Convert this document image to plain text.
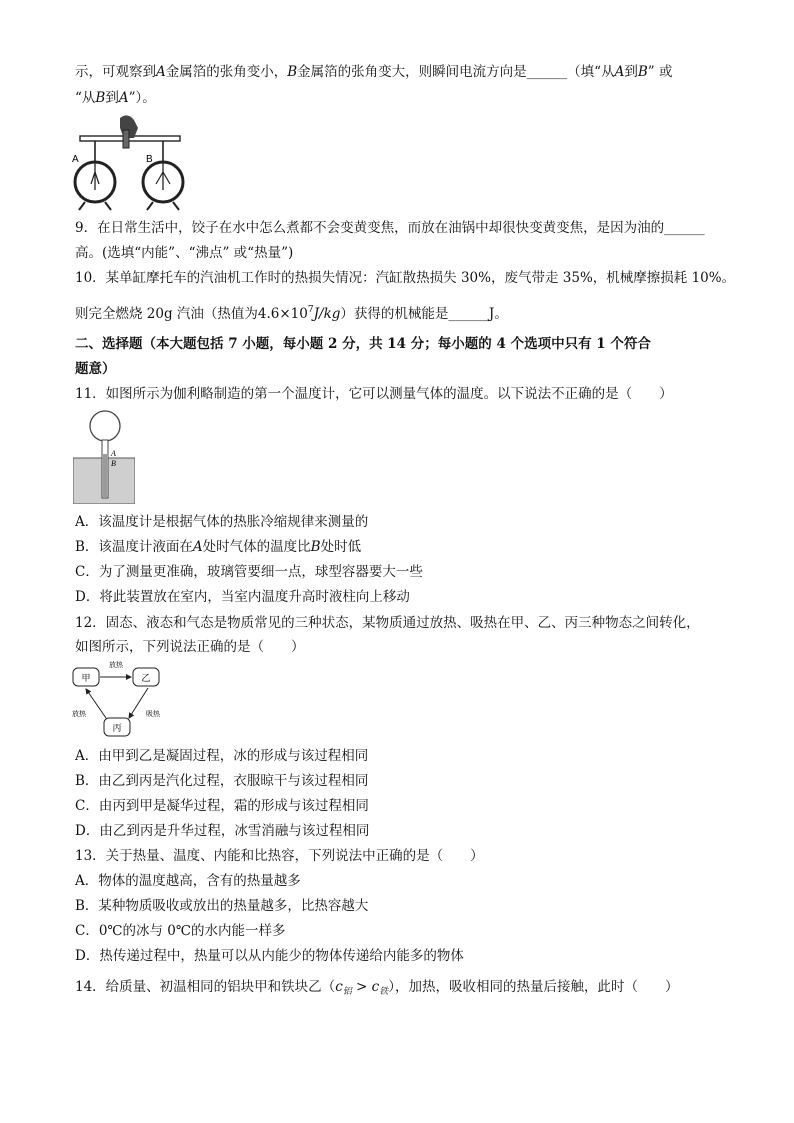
示，可观察到A金属箔的张角变小，B金属箔的张角变大，则瞬间电流方向是______（填“从A到B” 或
“从B到A”）。
A	B
9．在日常生活中，饺子在水中怎么煮都不会变黄变焦，而放在油锅中却很快变黄变焦，是因为油的______
高。(选填“内能”、“沸点” 或“热量”)
10．某单缸摩托车的汽油机工作时的热损失情况：汽缸散热损失 30%，废气带走 35%，机械摩擦损耗 10%。
则完全燃烧 20g 汽油（热值为$4.6\times 10^7J/kg$）获得的机械能是______J。
二、选择题（本大题包括 7 小题，每小题 2 分，共 14 分；每小题的 4 个选项中只有 1 个符合
题意）
11．如图所示为伽利略制造的第一个温度计，它可以测量气体的温度。以下说法不正确的是（　　）
A
B
A．该温度计是根据气体的热胀冷缩规律来测量的
B．该温度计液面在A处时气体的温度比B处时低
C．为了测量更准确，玻璃管要细一点，球型容器要大一些
D．将此装置放在室内，当室内温度升高时液柱向上移动
12．固态、液态和气态是物质常见的三种状态，某物质通过放热、吸热在甲、乙、丙三种物态之间转化，
如图所示，下列说法正确的是（　　）
甲	乙
丙
放热
放热	吸热
A．由甲到乙是凝固过程，冰的形成与该过程相同
B．由乙到丙是汽化过程，衣服晾干与该过程相同
C．由丙到甲是凝华过程，霜的形成与该过程相同
D．由乙到丙是升华过程，冰雪消融与该过程相同
13．关于热量、温度、内能和比热容，下列说法中正确的是（　　）
A．物体的温度越高，含有的热量越多
B．某种物质吸收或放出的热量越多，比热容越大
C．0℃的冰与 0℃的水内能一样多
D．热传递过程中，热量可以从内能少的物体传递给内能多的物体
14．给质量、初温相同的铝块甲和铁块乙$(c_铝 > c_铁)$，加热，吸收相同的热量后接触，此时（　　）
